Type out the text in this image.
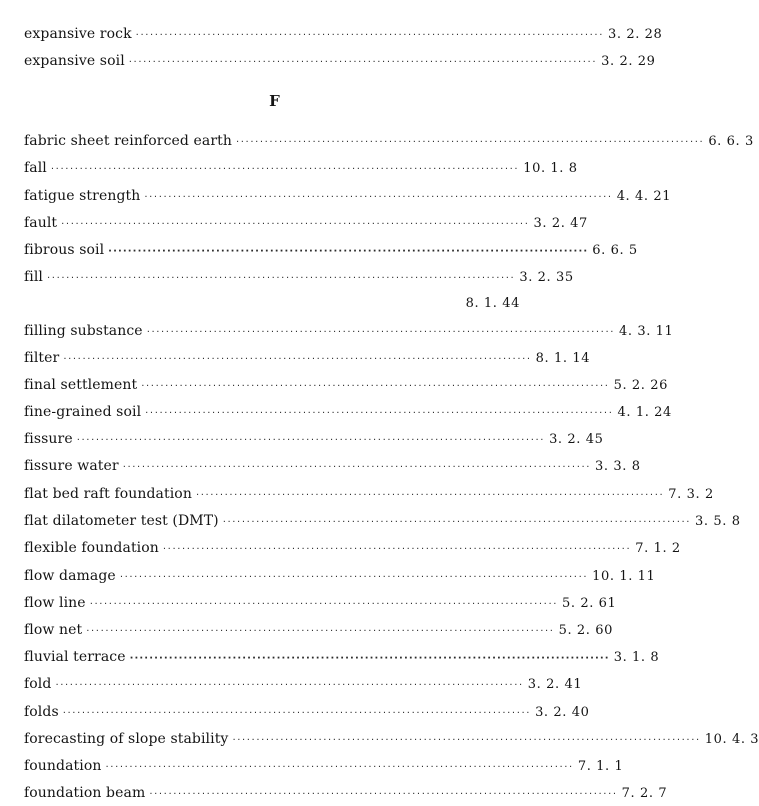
expansive rock ·································································································· 3. 2. 28
expansive soil ·································································································· 3. 2. 29
F
fabric sheet reinforced earth ·································································································· 6. 6. 3
fall ·································································································· 10. 1. 8
fatigue strength ·································································································· 4. 4. 21
fault ·································································································· 3. 2. 47
fibrous soil ·································································································· 6. 6. 5
fill ·································································································· 3. 2. 35
8. 1. 44
filling substance ·································································································· 4. 3. 11
filter ·································································································· 8. 1. 14
final settlement ·································································································· 5. 2. 26
fine-grained soil ·································································································· 4. 1. 24
fissure ·································································································· 3. 2. 45
fissure water ·································································································· 3. 3. 8
flat bed raft foundation ·································································································· 7. 3. 2
flat dilatometer test (DMT) ·································································································· 3. 5. 8
flexible foundation ·································································································· 7. 1. 2
flow damage ·································································································· 10. 1. 11
flow line ·································································································· 5. 2. 61
flow net ·································································································· 5. 2. 60
fluvial terrace ·································································································· 3. 1. 8
fold ·································································································· 3. 2. 41
folds ·································································································· 3. 2. 40
forecasting of slope stability ·································································································· 10. 4. 3
foundation ·································································································· 7. 1. 1
foundation beam ·································································································· 7. 2. 7
